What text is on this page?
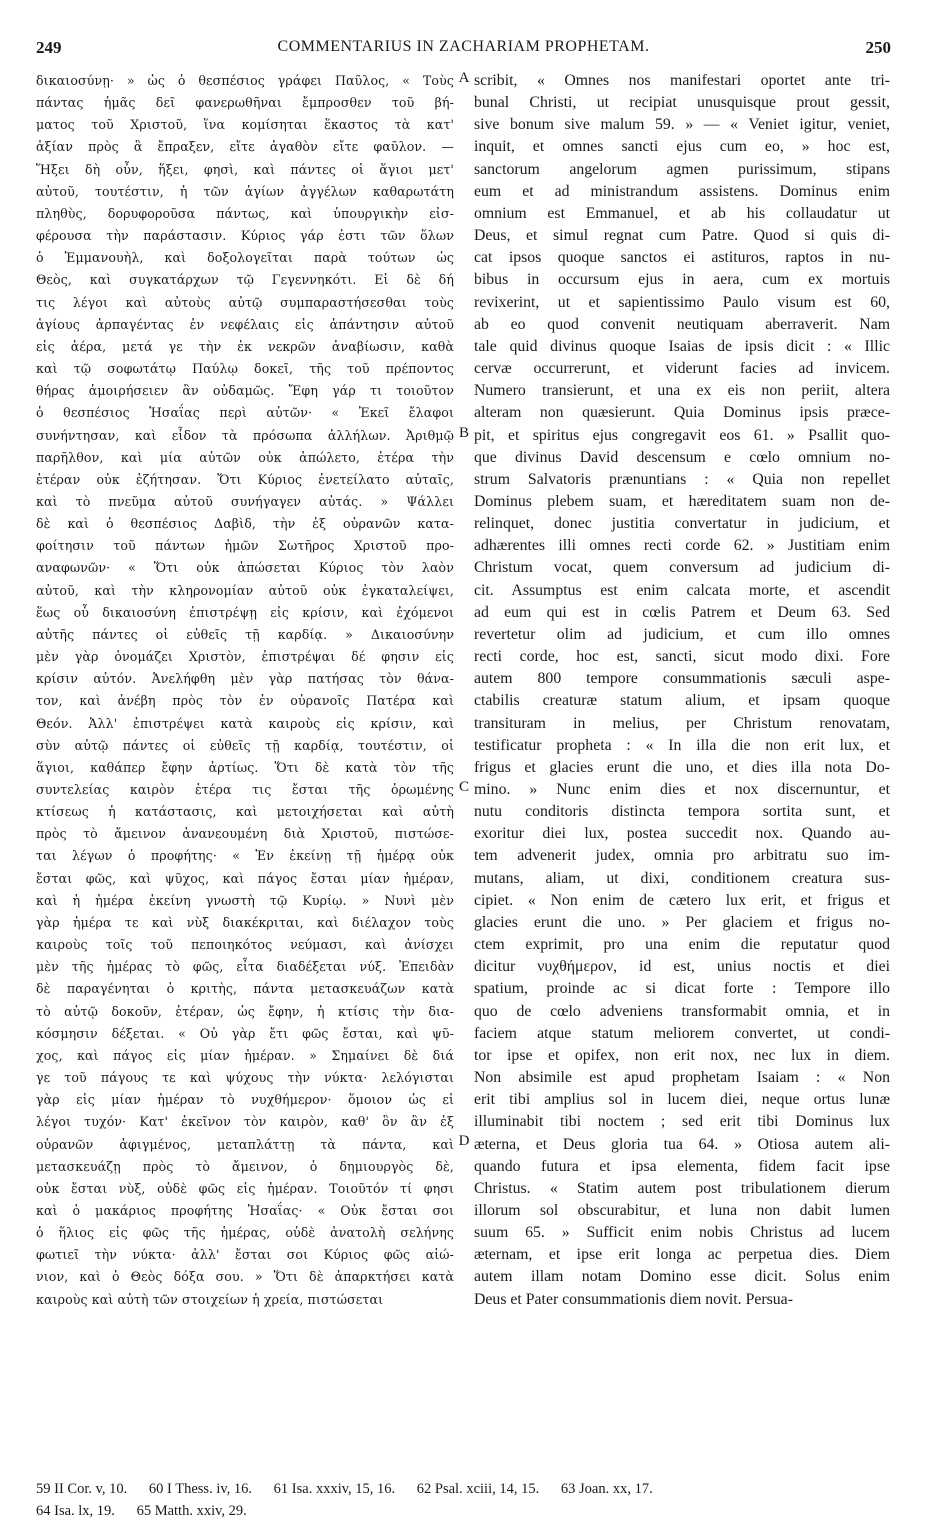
249	COMMENTARIUS IN ZACHARIAM PROPHETAM.	250
δικαιοσύνῃ· » ὡς ὁ θεσπέσιος γράφει Παῦλος, « Τοὺς
πάντας ἡμᾶς δεῖ φανερωθῆναι ἔμπροσθεν τοῦ βή-
ματος τοῦ Χριστοῦ, ἵνα κομίσηται ἕκαστος τὰ κατ'
ἀξίαν πρὸς ἃ ἔπραξεν, εἴτε ἀγαθὸν εἴτε φαῦλον. —
Ἥξει δὴ οὖν, ἥξει, φησὶ, καὶ πάντες οἱ ἅγιοι μετ'
αὐτοῦ, τουτέστιν, ἡ τῶν ἁγίων ἀγγέλων καθαρωτάτη
πληθὺς, δορυφοροῦσα πάντως, καὶ ὑπουργικὴν εἰσ-
φέρουσα τὴν παράστασιν. Κύριος γάρ ἐστι τῶν ὅλων
ὁ Ἐμμανουὴλ, καὶ δοξολογεῖται παρὰ τούτων ὡς
Θεὸς, καὶ συγκατάρχων τῷ Γεγεννηκότι. Εἰ δὲ δή
τις λέγοι καὶ αὐτοὺς αὐτῷ συμπαραστήσεσθαι τοὺς
ἁγίους ἁρπαγέντας ἐν νεφέλαις εἰς ἀπάντησιν αὐτοῦ
εἰς ἀέρα, μετά γε τὴν ἐκ νεκρῶν ἀναβίωσιν, καθὰ
καὶ τῷ σοφωτάτῳ Παύλῳ δοκεῖ, τῆς τοῦ πρέποντος
θήρας ἀμοιρήσειεν ἂν οὐδαμῶς. Ἔφη γάρ τι τοιοῦτον
ὁ θεσπέσιος Ἡσαΐας περὶ αὐτῶν· « Ἐκεῖ ἔλαφοι
συνήντησαν, καὶ εἶδον τὰ πρόσωπα ἀλλήλων. Ἀριθμῷ
παρῆλθον, καὶ μία αὐτῶν οὐκ ἀπώλετο, ἑτέρα τὴν
ἑτέραν οὐκ ἐζήτησαν. Ὅτι Κύριος ἐνετείλατο αὐταῖς,
καὶ τὸ πνεῦμα αὐτοῦ συνήγαγεν αὐτάς. » Ψάλλει
δὲ καὶ ὁ θεσπέσιος Δαβὶδ, τὴν ἐξ οὐρανῶν κατα-
φοίτησιν τοῦ πάντων ἡμῶν Σωτῆρος Χριστοῦ προ-
αναφωνῶν· « Ὅτι οὐκ ἀπώσεται Κύριος τὸν λαὸν
αὐτοῦ, καὶ τὴν κληρονομίαν αὐτοῦ οὐκ ἐγκαταλείψει,
ἕως οὗ δικαιοσύνη ἐπιστρέψῃ εἰς κρίσιν, καὶ ἐχόμενοι
αὐτῆς πάντες οἱ εὐθεῖς τῇ καρδίᾳ. » Δικαιοσύνην
μὲν γὰρ ὀνομάζει Χριστὸν, ἐπιστρέψαι δέ φησιν εἰς
κρίσιν αὐτόν. Ἀνελήφθη μὲν γὰρ πατήσας τὸν θάνα-
τον, καὶ ἀνέβη πρὸς τὸν ἐν οὐρανοῖς Πατέρα καὶ
Θεόν. Ἀλλ' ἐπιστρέψει κατὰ καιροὺς εἰς κρίσιν, καὶ
σὺν αὐτῷ πάντες οἱ εὐθεῖς τῇ καρδίᾳ, τουτέστιν, οἱ
ἅγιοι, καθάπερ ἔφην ἀρτίως. Ὅτι δὲ κατὰ τὸν τῆς
συντελείας καιρὸν ἑτέρα τις ἔσται τῆς ὁρωμένης
κτίσεως ἡ κατάστασις, καὶ μετοιχήσεται καὶ αὐτὴ
πρὸς τὸ ἄμεινον ἀνανεουμένη διὰ Χριστοῦ, πιστώσε-
ται λέγων ὁ προφήτης· « Ἐν ἐκείνῃ τῇ ἡμέρᾳ οὐκ
ἔσται φῶς, καὶ ψῦχος, καὶ πάγος ἔσται μίαν ἡμέραν,
καὶ ἡ ἡμέρα ἐκείνη γνωστὴ τῷ Κυρίῳ. » Νυνὶ μὲν
γὰρ ἡμέρα τε καὶ νὺξ διακέκριται, καὶ διέλαχον τοὺς
καιροὺς τοῖς τοῦ πεποιηκότος νεύμασι, καὶ ἀνίσχει
μὲν τῆς ἡμέρας τὸ φῶς, εἶτα διαδέξεται νύξ. Ἐπειδὰν
δὲ παραγένηται ὁ κριτὴς, πάντα μετασκευάζων κατὰ
τὸ αὐτῷ δοκοῦν, ἑτέραν, ὡς ἔφην, ἡ κτίσις τὴν δια-
κόσμησιν δέξεται. « Οὐ γὰρ ἔτι φῶς ἔσται, καὶ ψῦ-
χος, καὶ πάγος εἰς μίαν ἡμέραν. » Σημαίνει δὲ διά
γε τοῦ πάγους τε καὶ ψύχους τὴν νύκτα· λελόγισται
γὰρ εἰς μίαν ἡμέραν τὸ νυχθήμερον· ὅμοιον ὡς εἰ
λέγοι τυχόν· Κατ' ἐκεῖνον τὸν καιρὸν, καθ' ὃν ἂν ἐξ
οὐρανῶν ἀφιγμένος, μεταπλάττῃ τὰ πάντα, καὶ
μετασκευάζῃ πρὸς τὸ ἄμεινον, ὁ δημιουργὸς δὲ,
οὐκ ἔσται νὺξ, οὐδὲ φῶς εἰς ἡμέραν. Τοιοῦτόν τί φησι
καὶ ὁ μακάριος προφήτης Ἡσαΐας· « Οὐκ ἔσται σοι
ὁ ἥλιος εἰς φῶς τῆς ἡμέρας, οὐδὲ ἀνατολὴ σελήνης
φωτιεῖ τὴν νύκτα· ἀλλ' ἔσται σοι Κύριος φῶς αἰώ-
νιον, καὶ ὁ Θεὸς δόξα σου. » Ὅτι δὲ ἀπαρκτήσει κατὰ
καιροὺς καὶ αὐτὴ τῶν στοιχείων ἡ χρεία, πιστώσεται
scribit, « Omnes nos manifestari oportet ante tri-
bunal Christi, ut recipiat unusquisque prout gessit,
sive bonum sive malum 59. » — « Veniet igitur, veniet,
inquit, et omnes sancti ejus cum eo, » hoc est,
sanctorum angelorum agmen purissimum, stipans
eum et ad ministrandum assistens. Dominus enim
omnium est Emmanuel, et ab his collaudatur ut
Deus, et simul regnat cum Patre. Quod si quis di-
cat ipsos quoque sanctos ei astituros, raptos in nu-
bibus in occursum ejus in aera, cum ex mortuis
revixerint, ut et sapientissimo Paulo visum est 60,
ab eo quod convenit neutiquam aberraverit. Nam
tale quid divinus quoque Isaias de ipsis dicit : « Illic
cervæ occurrerunt, et viderunt facies ad invicem.
Numero transierunt, et una ex eis non periit, altera
alteram non quæsierunt. Quia Dominus ipsis præce-
pit, et spiritus ejus congregavit eos 61. » Psallit quo-
que divinus David descensum e cœlo omnium no-
strum Salvatoris prænuntians : « Quia non repellet
Dominus plebem suam, et hæreditatem suam non de-
relinquet, donec justitia convertatur in judicium, et
adhærentes illi omnes recti corde 62. » Justitiam enim
Christum vocat, quem conversum ad judicium di-
cit. Assumptus est enim calcata morte, et ascendit
ad eum qui est in cœlis Patrem et Deum 63. Sed
revertetur olim ad judicium, et cum illo omnes
recti corde, hoc est, sancti, sicut modo dixi. Fore
autem 800 tempore consummationis sæculi aspe-
ctabilis creaturæ statum alium, et ipsam quoque
transituram in melius, per Christum renovatam,
testificatur propheta : « In illa die non erit lux, et
frigus et glacies erunt die uno, et dies illa nota Do-
mino. » Nunc enim dies et nox discernuntur, et
nutu conditoris distincta tempora sortita sunt, et
exoritur diei lux, postea succedit nox. Quando au-
tem advenerit judex, omnia pro arbitratu suo im-
mutans, aliam, ut dixi, conditionem creatura sus-
cipiet. « Non enim de cætero lux erit, et frigus et
glacies erunt die uno. » Per glaciem et frigus no-
ctem exprimit, pro una enim die reputatur quod
dicitur νυχθήμερον, id est, unius noctis et diei
spatium, proinde ac si dicat forte : Tempore illo
quo de cœlo adveniens transformabit omnia, et in
faciem atque statum meliorem convertet, ut condi-
tor ipse et opifex, non erit nox, nec lux in diem.
Non absimile est apud prophetam Isaiam : « Non
erit tibi amplius sol in lucem diei, neque ortus lunæ
illuminabit tibi noctem ; sed erit tibi Dominus lux
æterna, et Deus gloria tua 64. » Otiosa autem ali-
quando futura et ipsa elementa, fidem facit ipse
Christus. « Statim autem post tribulationem dierum
illorum sol obscurabitur, et luna non dabit lumen
suum 65. » Sufficit enim nobis Christus ad lucem
æternam, et ipse erit longa ac perpetua dies. Diem
autem illam notam Domino esse dicit. Solus enim
Deus et Pater consummationis diem novit. Persua-
A
B
C
D
59 II Cor. v, 10. 60 I Thess. iv, 16. 61 Isa. xxxiv, 15, 16. 62 Psal. xciii, 14, 15. 63 Joan. xx, 17.
64 Isa. lx, 19. 65 Matth. xxiv, 29.
